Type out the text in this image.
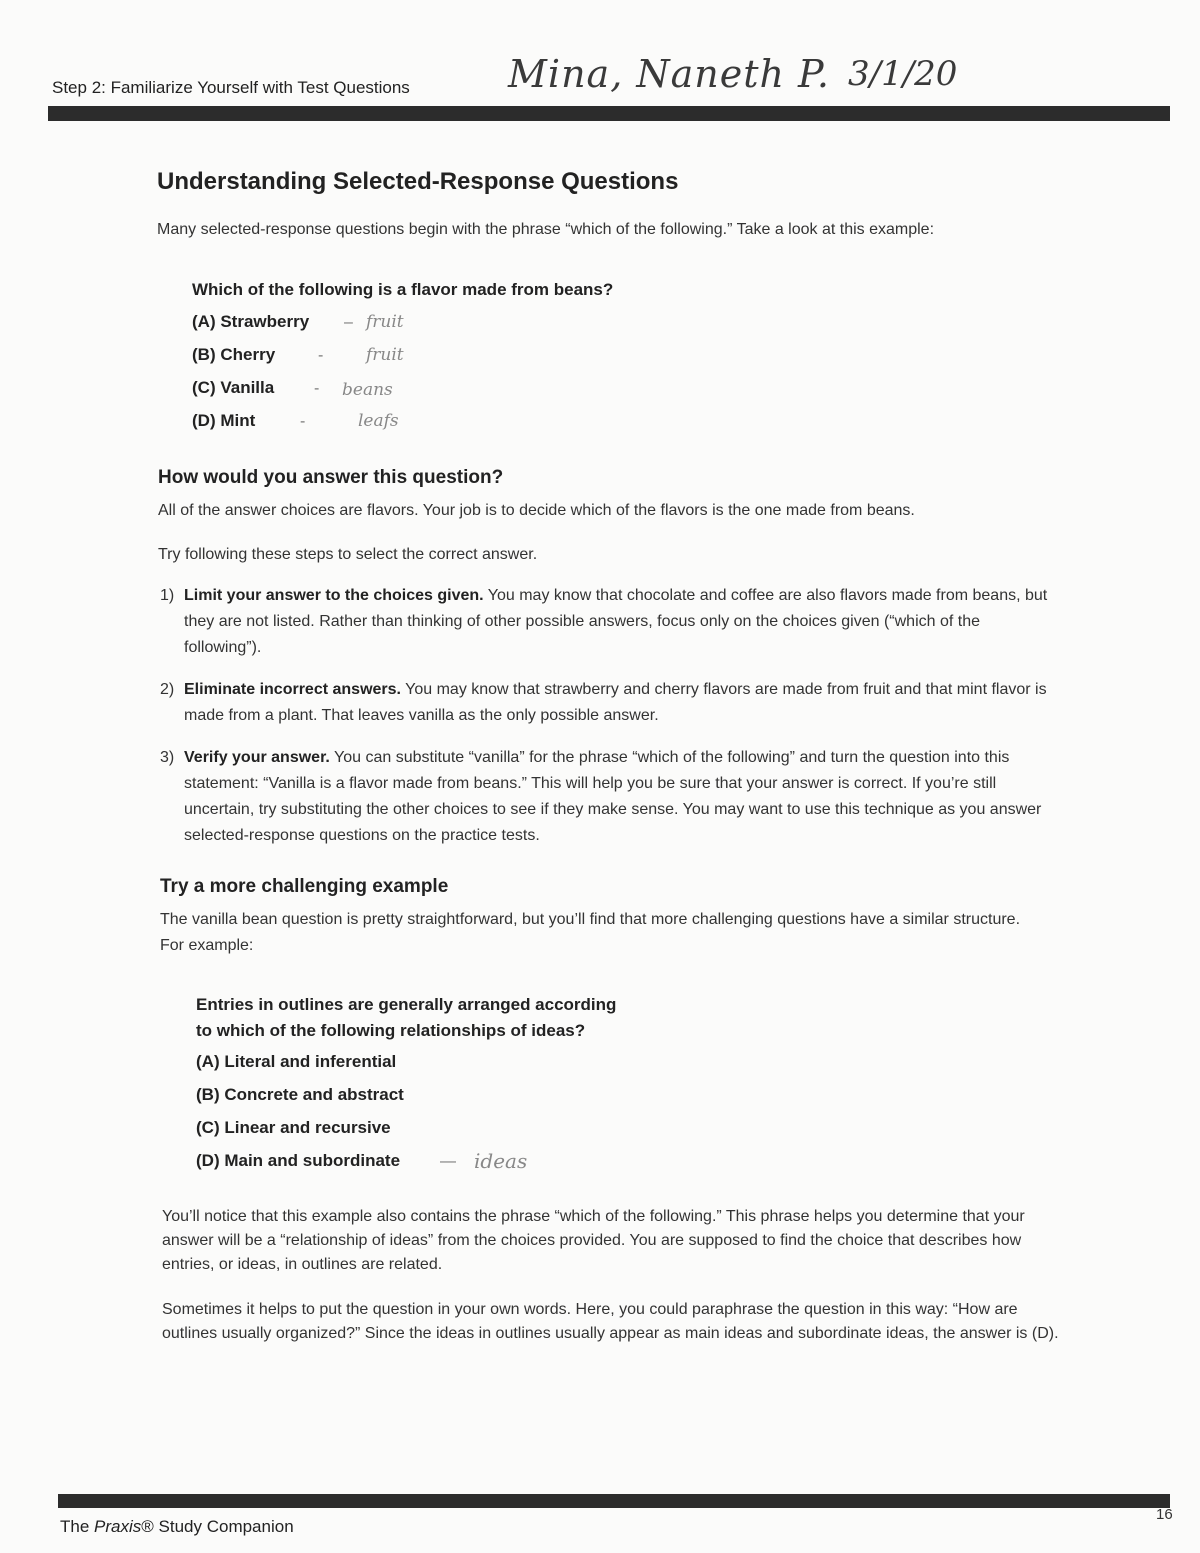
Step 2: Familiarize Yourself with Test Questions	Mina, Naneth P. 3/1/20
Understanding Selected-Response Questions

Many selected-response questions begin with the phrase “which of the following.” Take a look at this example:

Which of the following is a flavor made from beans?

(A) Strawberry – fruit
(B) Cherry	-	fruit
(C) Vanilla - beans
(D) Mint	-	leafs
How would you answer this question?

All of the answer choices are flavors. Your job is to decide which of the flavors is the one made from beans.

Try following these steps to select the correct answer.

1) Limit your answer to the choices given. You may know that chocolate and coffee are also flavors made from beans, but they are not listed. Rather than thinking of other possible answers, focus only on the choices given (“which of the following”).
2) Eliminate incorrect answers. You may know that strawberry and cherry flavors are made from fruit and that mint flavor is made from a plant. That leaves vanilla as the only possible answer.
3) Verify your answer. You can substitute “vanilla” for the phrase “which of the following” and turn the question into this statement: “Vanilla is a flavor made from beans.” This will help you be sure that your answer is correct. If you’re still uncertain, try substituting the other choices to see if they make sense. You may want to use this technique as you answer selected-response questions on the practice tests.
Try a more challenging example

The vanilla bean question is pretty straightforward, but you’ll find that more challenging questions have a similar structure. For example:

Entries in outlines are generally arranged according

to which of the following relationships of ideas?

(A) Literal and inferential
(B) Concrete and abstract
(C) Linear and recursive
(D) Main and subordinate — ideas

You’ll notice that this example also contains the phrase “which of the following.” This phrase helps you determine that your answer will be a “relationship of ideas” from the choices provided. You are supposed to find the choice that describes how entries, or ideas, in outlines are related.

Sometimes it helps to put the question in your own words. Here, you could paraphrase the question in this way: “How are outlines usually organized?” Since the ideas in outlines usually appear as main ideas and subordinate ideas, the answer is (D).

The Praxis® Study Companion
16
